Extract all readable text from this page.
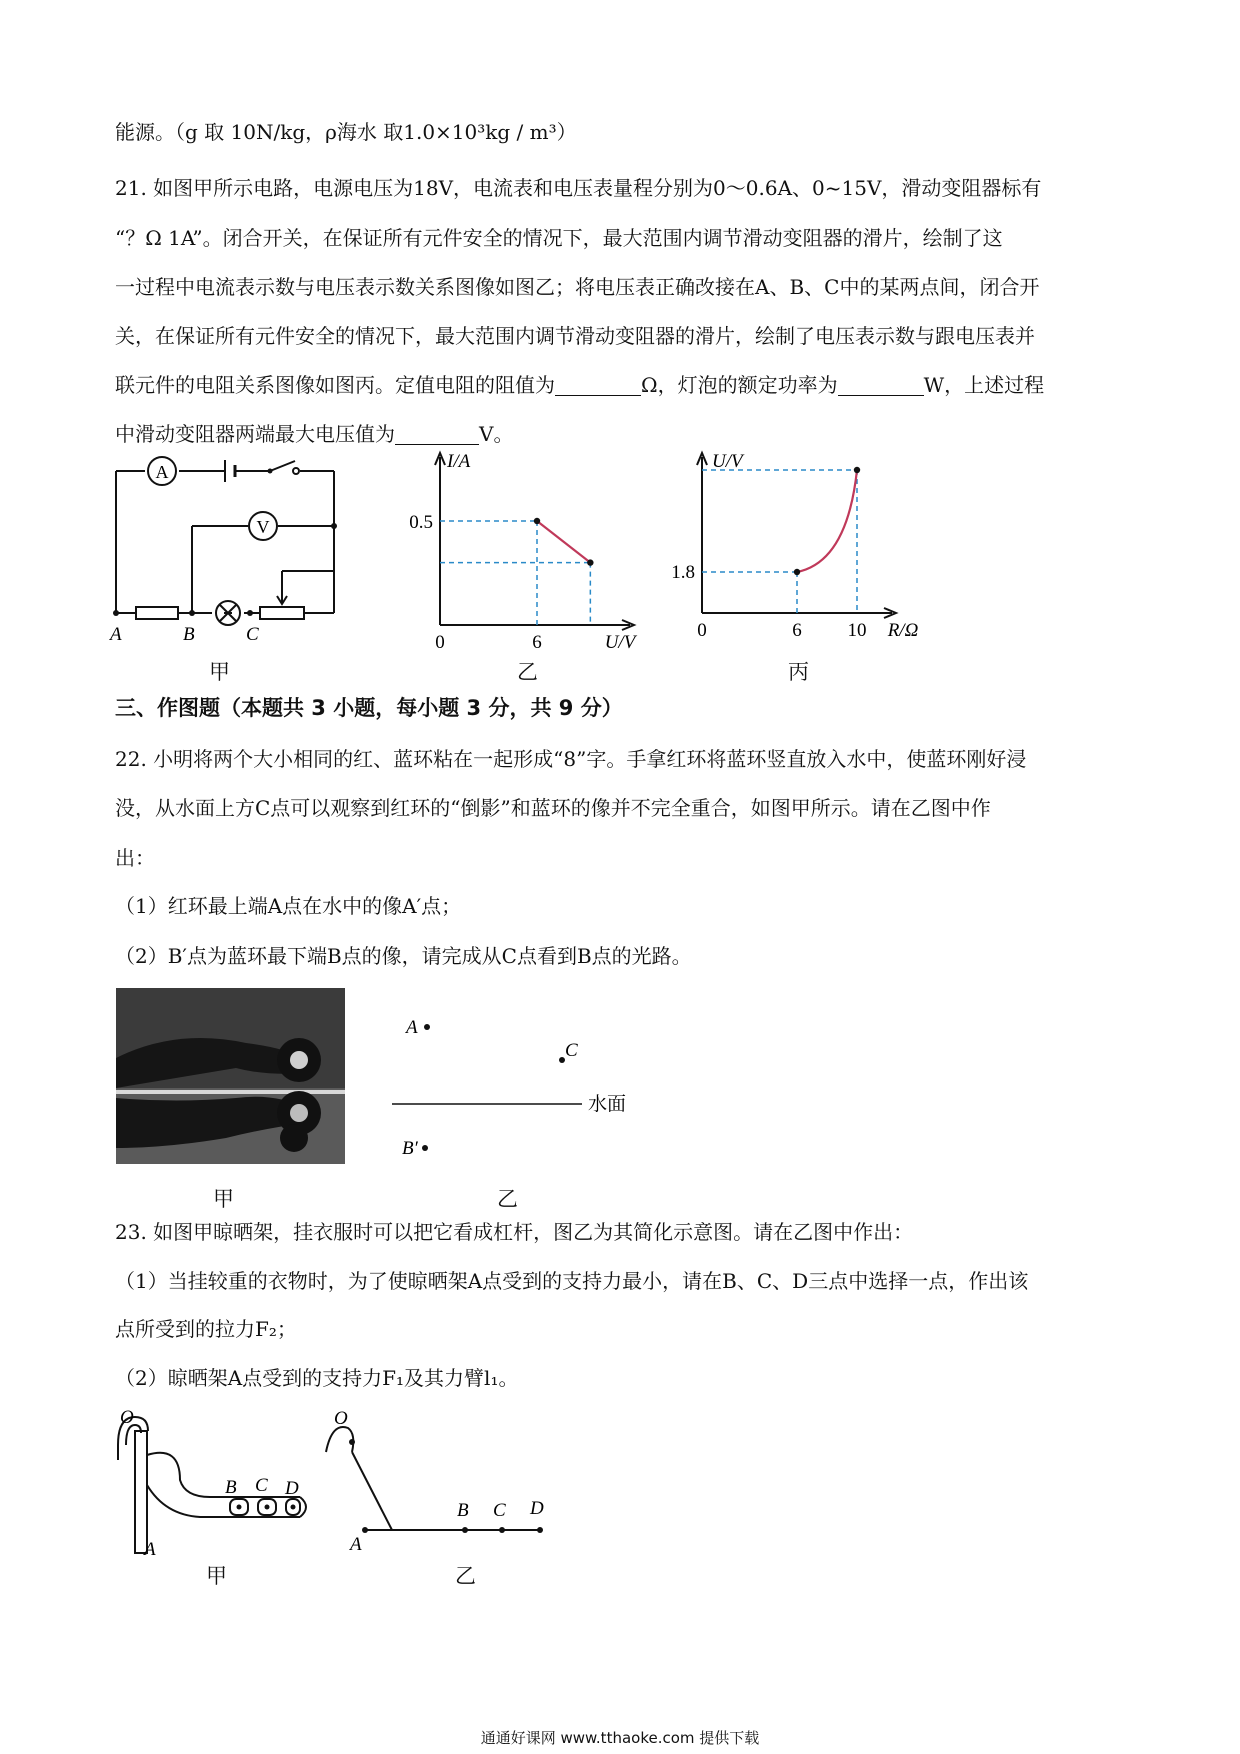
能源。（g 取 10N/kg，ρ海水 取1.0×10³kg / m³）
21. 如图甲所示电路，电源电压为18V，电流表和电压表量程分别为0～0.6A、0~15V，滑动变阻器标有
“？Ω 1A”。闭合开关，在保证所有元件安全的情况下，最大范围内调节滑动变阻器的滑片，绘制了这
一过程中电流表示数与电压表示数关系图像如图乙；将电压表正确改接在A、B、C中的某两点间，闭合开
关，在保证所有元件安全的情况下，最大范围内调节滑动变阻器的滑片，绘制了电压表示数与跟电压表并
联元件的电阻关系图像如图丙。定值电阻的阻值为	Ω，灯泡的额定功率为	W，上述过程
中滑动变阻器两端最大电压值为	V。
A
V
A	B	C
I/A
0.5
0	6	U/V
甲	乙
U/V
1.8
0	6 10 R/Ω
丙
三、作图题（本题共 3 小题，每小题 3 分，共 9 分）
22. 小明将两个大小相同的红、蓝环粘在一起形成“8”字。手拿红环将蓝环竖直放入水中，使蓝环刚好浸
没，从水面上方C点可以观察到红环的“倒影”和蓝环的像并不完全重合，如图甲所示。请在乙图中作
出：
（1）红环最上端A点在水中的像A′点；
（2）B′点为蓝环最下端B点的像，请完成从C点看到B点的光路。
甲
A
C
水面
B′
乙
23. 如图甲晾晒架，挂衣服时可以把它看成杠杆，图乙为其简化示意图。请在乙图中作出：
（1）当挂较重的衣物时，为了使晾晒架A点受到的支持力最小，请在B、C、D三点中选择一点，作出该
点所受到的拉力F₂；
（2）晾晒架A点受到的支持力F₁及其力臂l₁。
O
B C D
A
甲
O
B C D
A
乙
通通好课网 www.tthaoke.com 提供下载
